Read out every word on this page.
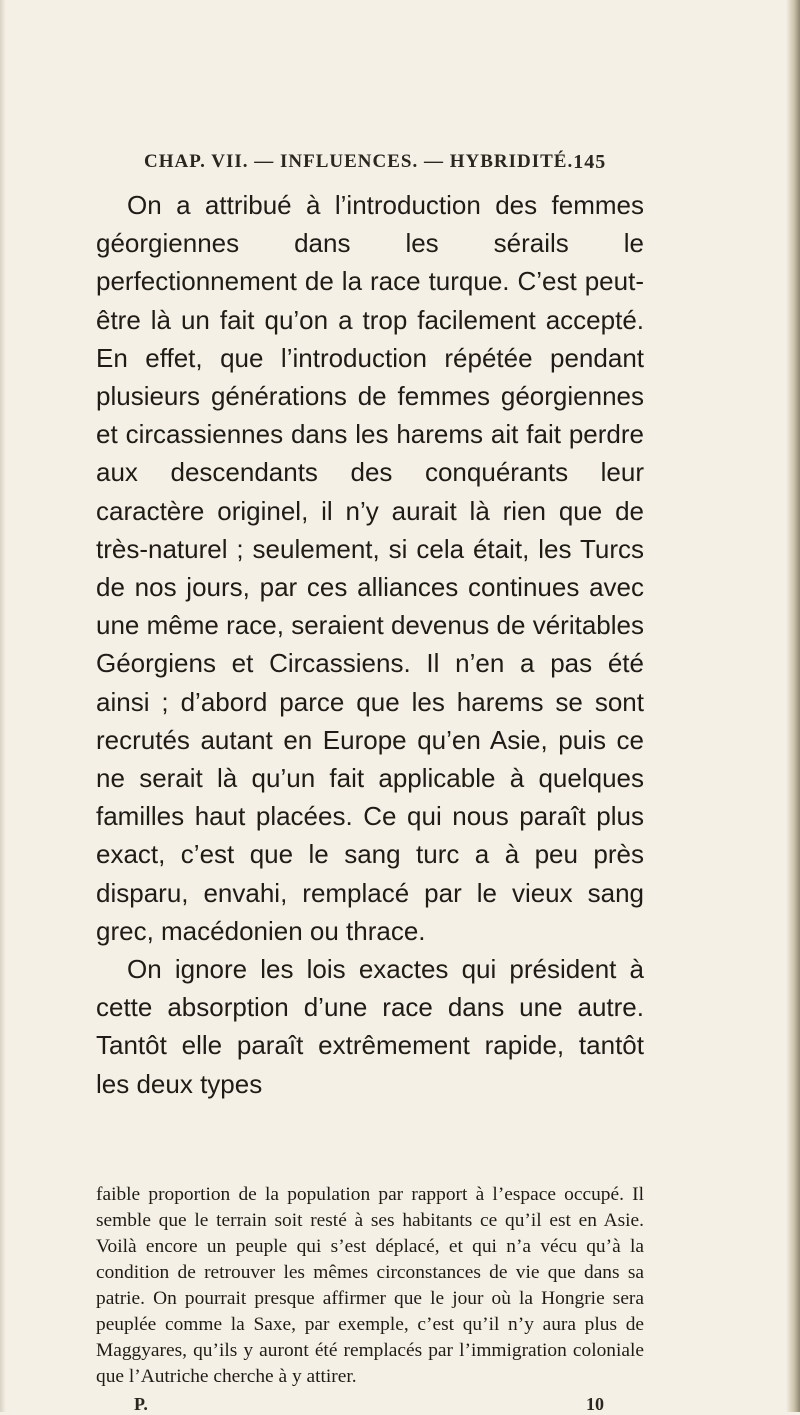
CHAP. VII. — INFLUENCES. — HYBRIDITÉ. 145

On a attribué à l’introduction des femmes géorgiennes dans les sérails le perfectionnement de la race turque. C’est peut-être là un fait qu’on a trop facilement accepté. En effet, que l’introduction répétée pendant plusieurs générations de femmes géorgiennes et circassiennes dans les harems ait fait perdre aux descendants des conquérants leur caractère originel, il n’y aurait là rien que de très-naturel ; seulement, si cela était, les Turcs de nos jours, par ces alliances continues avec une même race, seraient devenus de véritables Géorgiens et Circassiens. Il n’en a pas été ainsi ; d’abord parce que les harems se sont recrutés autant en Europe qu’en Asie, puis ce ne serait là qu’un fait applicable à quelques familles haut placées. Ce qui nous paraît plus exact, c’est que le sang turc a à peu près disparu, envahi, remplacé par le vieux sang grec, macédonien ou thrace.

On ignore les lois exactes qui président à cette absorption d’une race dans une autre. Tantôt elle paraît extrêmement rapide, tantôt les deux types

faible proportion de la population par rapport à l’espace occupé. Il semble que le terrain soit resté à ses habitants ce qu’il est en Asie. Voilà encore un peuple qui s’est déplacé, et qui n’a vécu qu’à la condition de retrouver les mêmes circonstances de vie que dans sa patrie. On pourrait presque affirmer que le jour où la Hongrie sera peuplée comme la Saxe, par exemple, c’est qu’il n’y aura plus de Maggyares, qu’ils y auront été remplacés par l’immigration coloniale que l’Autriche cherche à y attirer.

P.	10
